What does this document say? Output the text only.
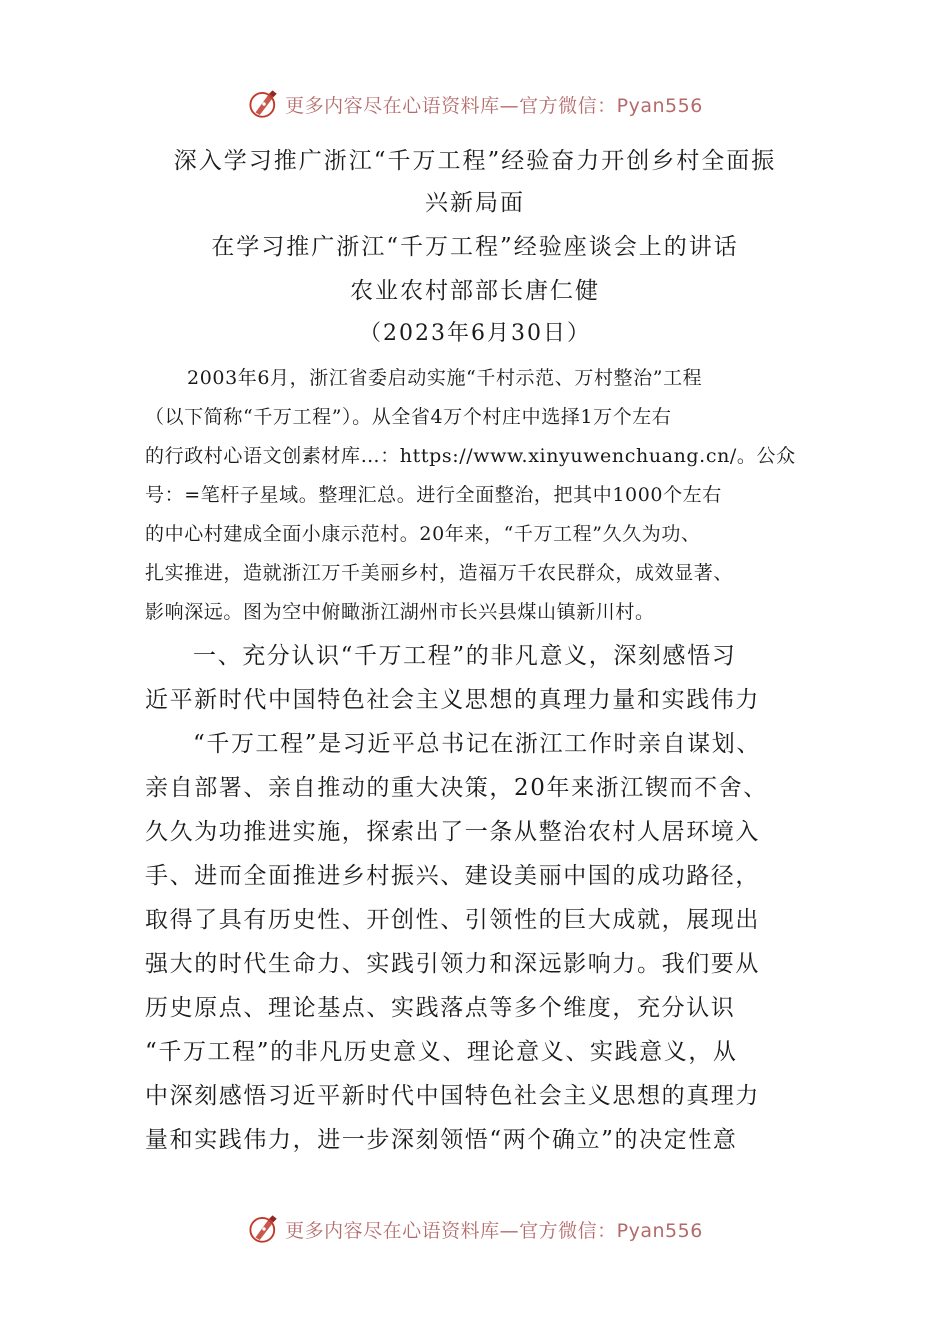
更多内容尽在心语资料库—官方微信：Pyan556
深入学习推广浙江“千万工程”经验奋力开创乡村全面振
兴新局面
在学习推广浙江“千万工程”经验座谈会上的讲话
农业农村部部长唐仁健
（2023年6月30日）
2003年6月，浙江省委启动实施“千村示范、万村整治”工程
（以下简称“千万工程”）。从全省4万个村庄中选择1万个左右
的行政村心语文创素材库…：https://www.xinyuwenchuang.cn/。公众
号：=笔杆子星域。整理汇总。进行全面整治，把其中1000个左右
的中心村建成全面小康示范村。20年来，“千万工程”久久为功、
扎实推进，造就浙江万千美丽乡村，造福万千农民群众，成效显著、
影响深远。图为空中俯瞰浙江湖州市长兴县煤山镇新川村。
一、充分认识“千万工程”的非凡意义，深刻感悟习
近平新时代中国特色社会主义思想的真理力量和实践伟力
“千万工程”是习近平总书记在浙江工作时亲自谋划、
亲自部署、亲自推动的重大决策，20年来浙江锲而不舍、
久久为功推进实施，探索出了一条从整治农村人居环境入
手、进而全面推进乡村振兴、建设美丽中国的成功路径，
取得了具有历史性、开创性、引领性的巨大成就，展现出
强大的时代生命力、实践引领力和深远影响力。我们要从
历史原点、理论基点、实践落点等多个维度，充分认识
“千万工程”的非凡历史意义、理论意义、实践意义，从
中深刻感悟习近平新时代中国特色社会主义思想的真理力
量和实践伟力，进一步深刻领悟“两个确立”的决定性意
更多内容尽在心语资料库—官方微信：Pyan556
